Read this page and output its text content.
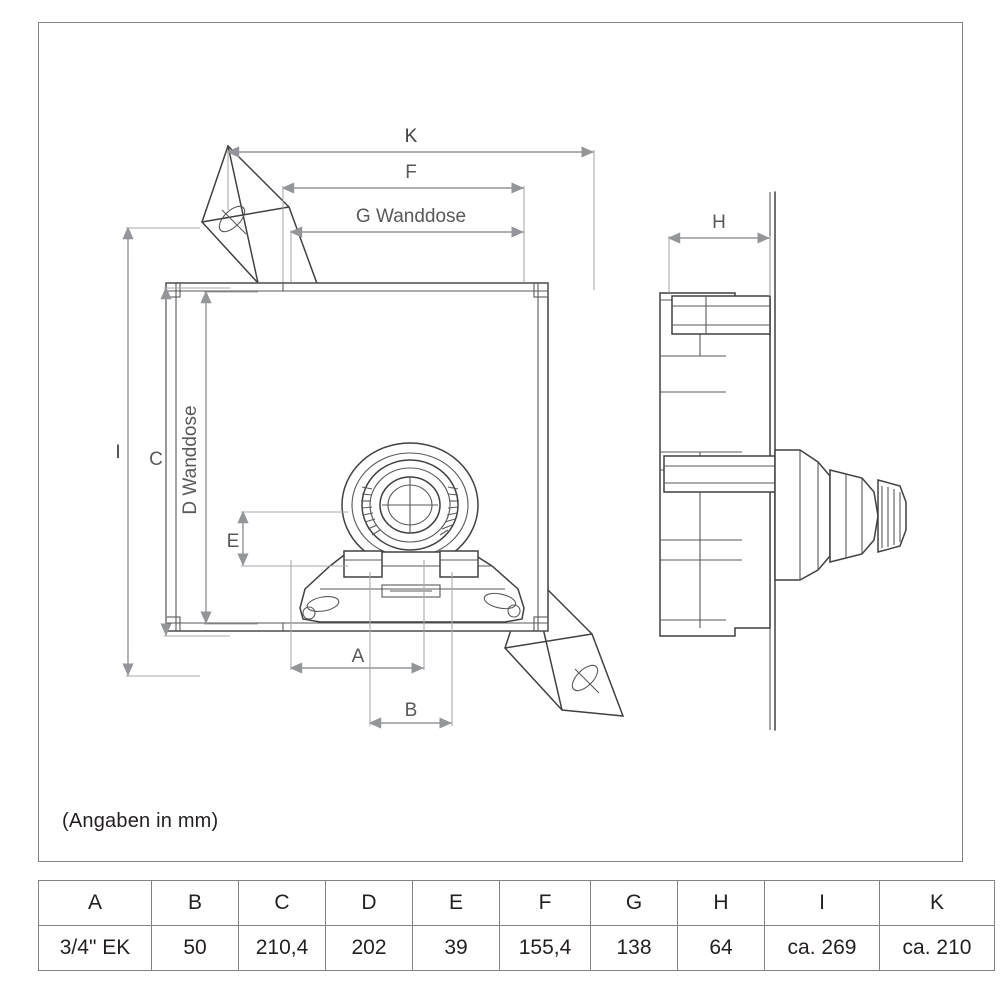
K
F
G Wanddose
I C D Wanddose
E
A
B
H
(Angaben in mm)
A	B	C	D	E	F	G	H	I	K
3/4" EK	50	210,4	202	39	155,4	138	64	ca. 269	ca. 210
